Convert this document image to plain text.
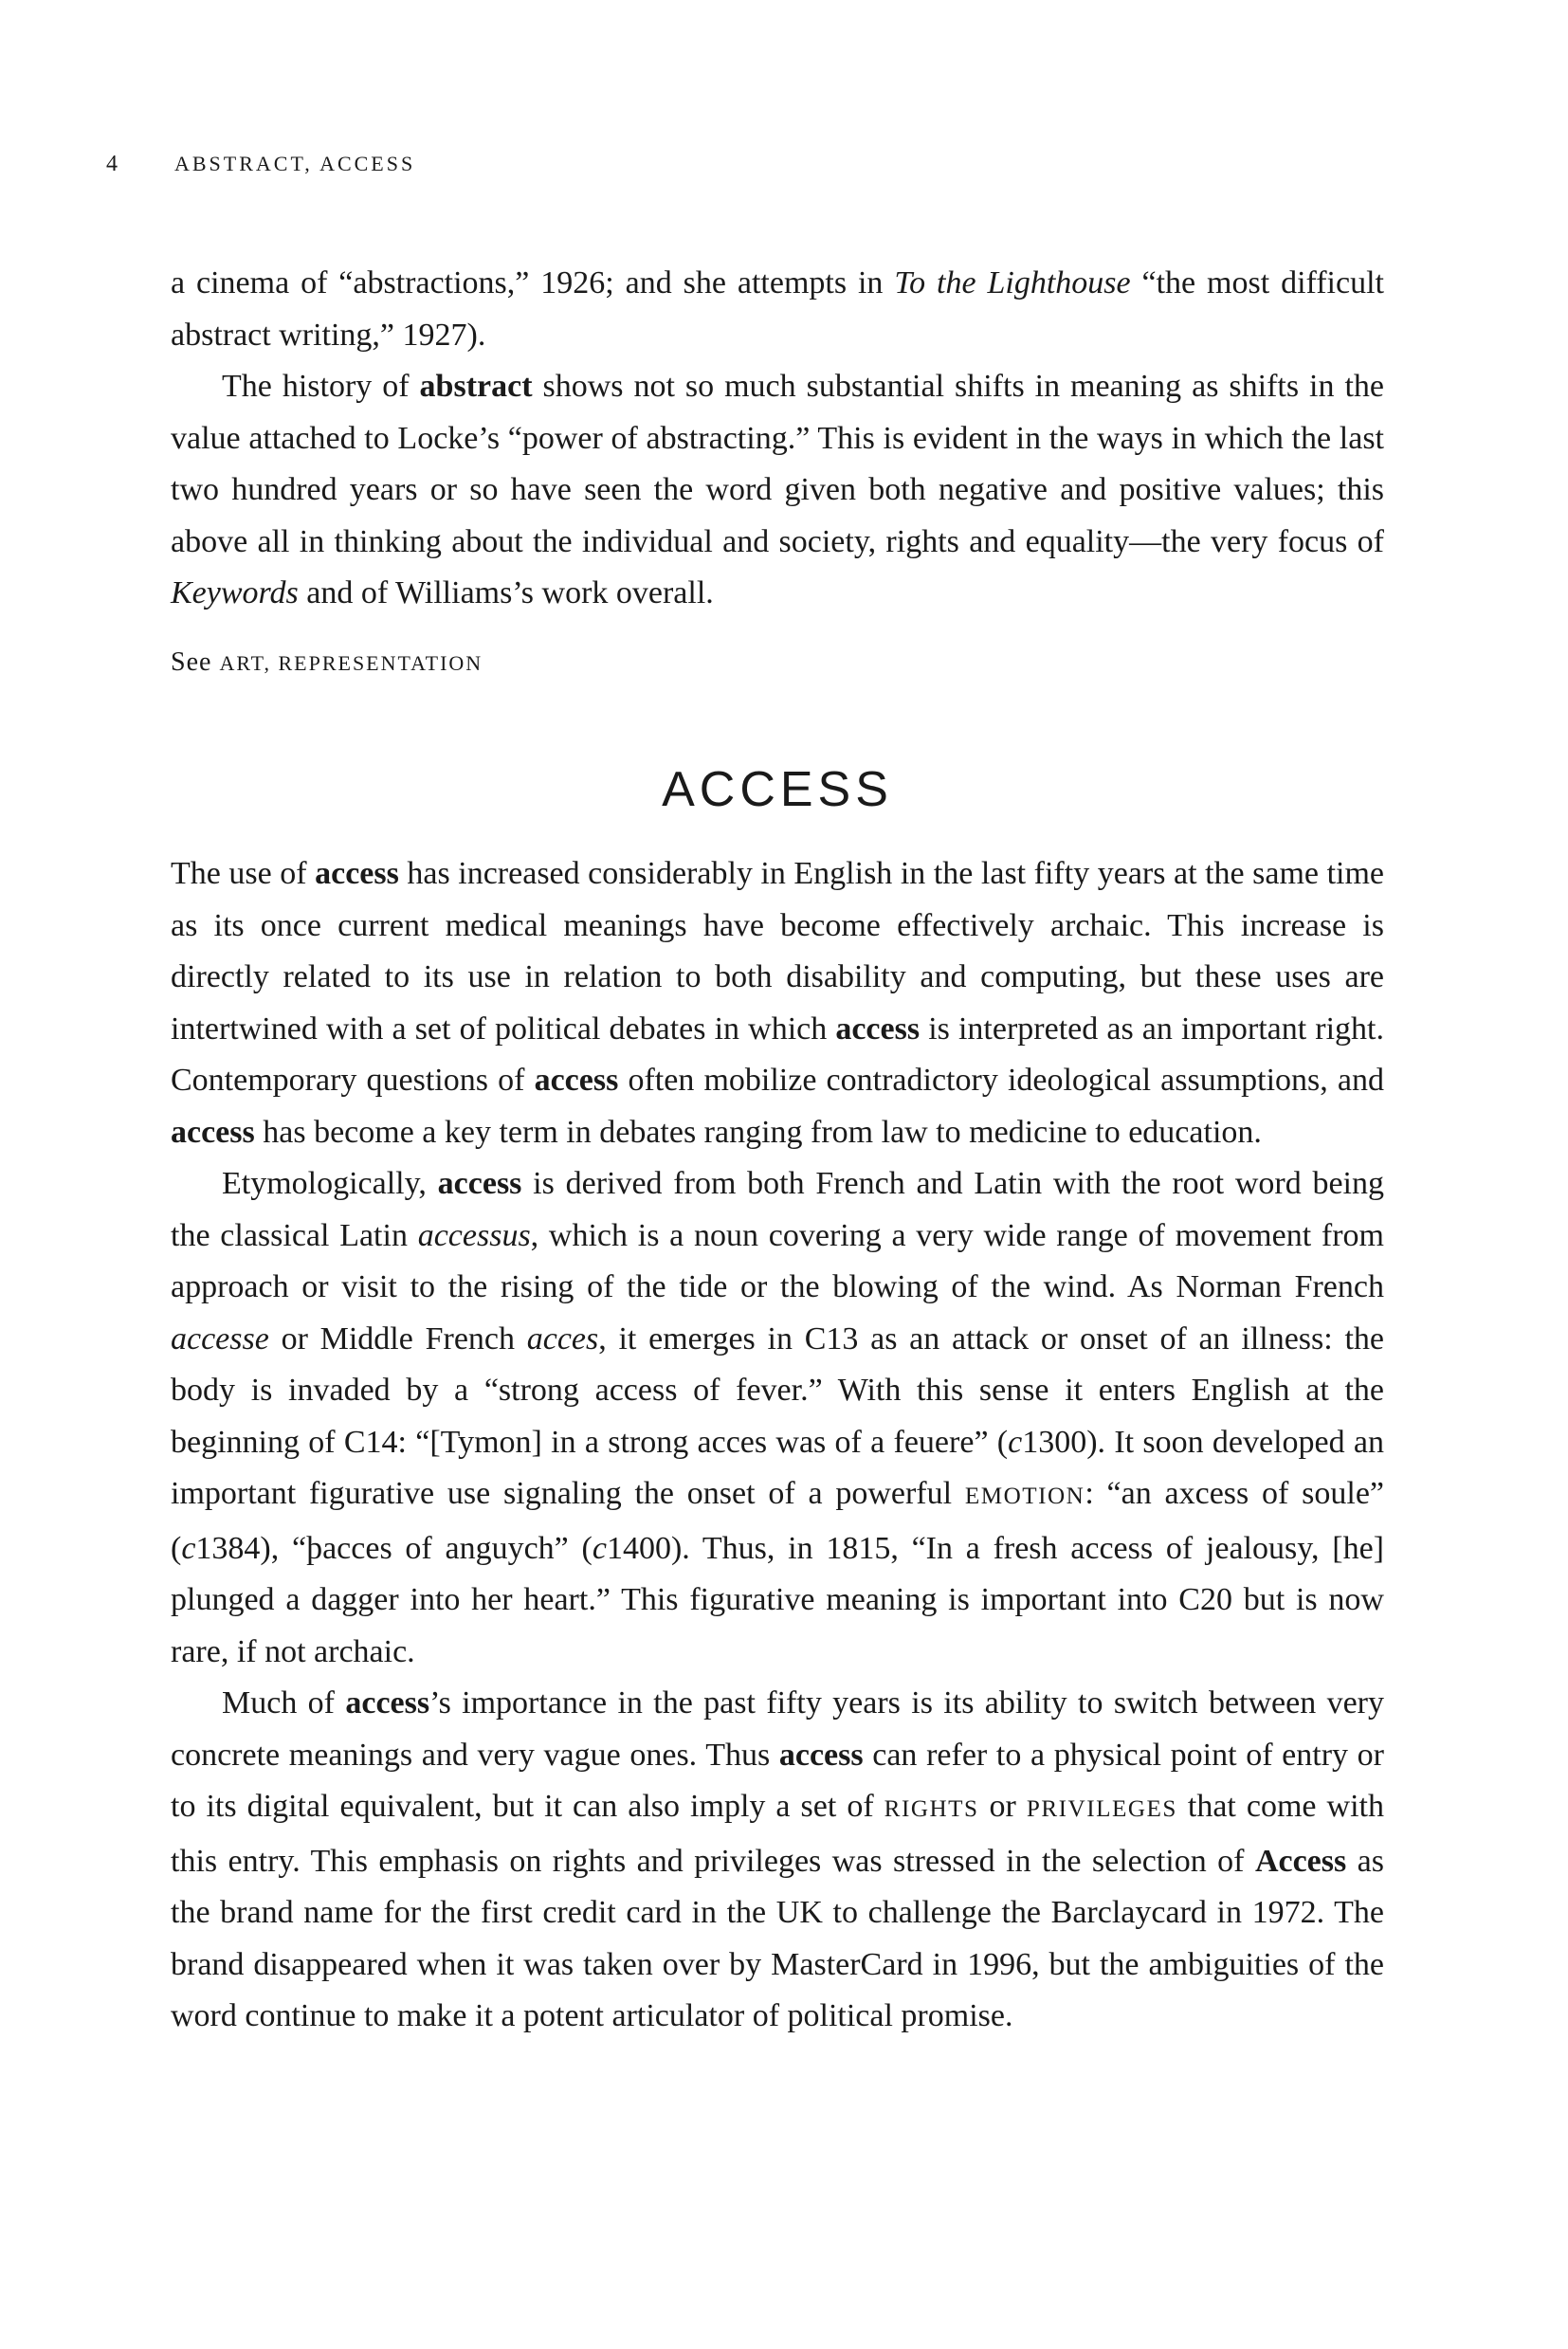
4	ABSTRACT, ACCESS

a cinema of “abstractions,” 1926; and she attempts in To the Lighthouse “the most difficult abstract writing,” 1927).

The history of abstract shows not so much substantial shifts in meaning as shifts in the value attached to Locke’s “power of abstracting.” This is evident in the ways in which the last two hundred years or so have seen the word given both negative and positive values; this above all in thinking about the individual and society, rights and equality—the very focus of Keywords and of Williams’s work overall.

See ART, REPRESENTATION
ACCESS

The use of access has increased considerably in English in the last fifty years at the same time as its once current medical meanings have become effectively archaic. This increase is directly related to its use in relation to both disability and computing, but these uses are intertwined with a set of political debates in which access is interpreted as an important right. Contemporary questions of access often mobilize contradictory ideological assumptions, and access has become a key term in debates ranging from law to medicine to education.

Etymologically, access is derived from both French and Latin with the root word being the classical Latin accessus, which is a noun covering a very wide range of movement from approach or visit to the rising of the tide or the blowing of the wind. As Norman French accesse or Middle French acces, it emerges in C13 as an attack or onset of an illness: the body is invaded by a “strong access of fever.” With this sense it enters English at the beginning of C14: “[Tymon] in a strong acces was of a feuere” (c1300). It soon developed an important figurative use signaling the onset of a powerful EMOTION: “an axcess of soule” (c1384), “þacces of anguych” (c1400). Thus, in 1815, “In a fresh access of jealousy, [he] plunged a dagger into her heart.” This figurative meaning is important into C20 but is now rare, if not archaic.

Much of access’s importance in the past fifty years is its ability to switch between very concrete meanings and very vague ones. Thus access can refer to a physical point of entry or to its digital equivalent, but it can also imply a set of RIGHTS or PRIVILEGES that come with this entry. This emphasis on rights and privileges was stressed in the selection of Access as the brand name for the first credit card in the UK to challenge the Barclaycard in 1972. The brand disappeared when it was taken over by MasterCard in 1996, but the ambiguities of the word continue to make it a potent articulator of political promise.
